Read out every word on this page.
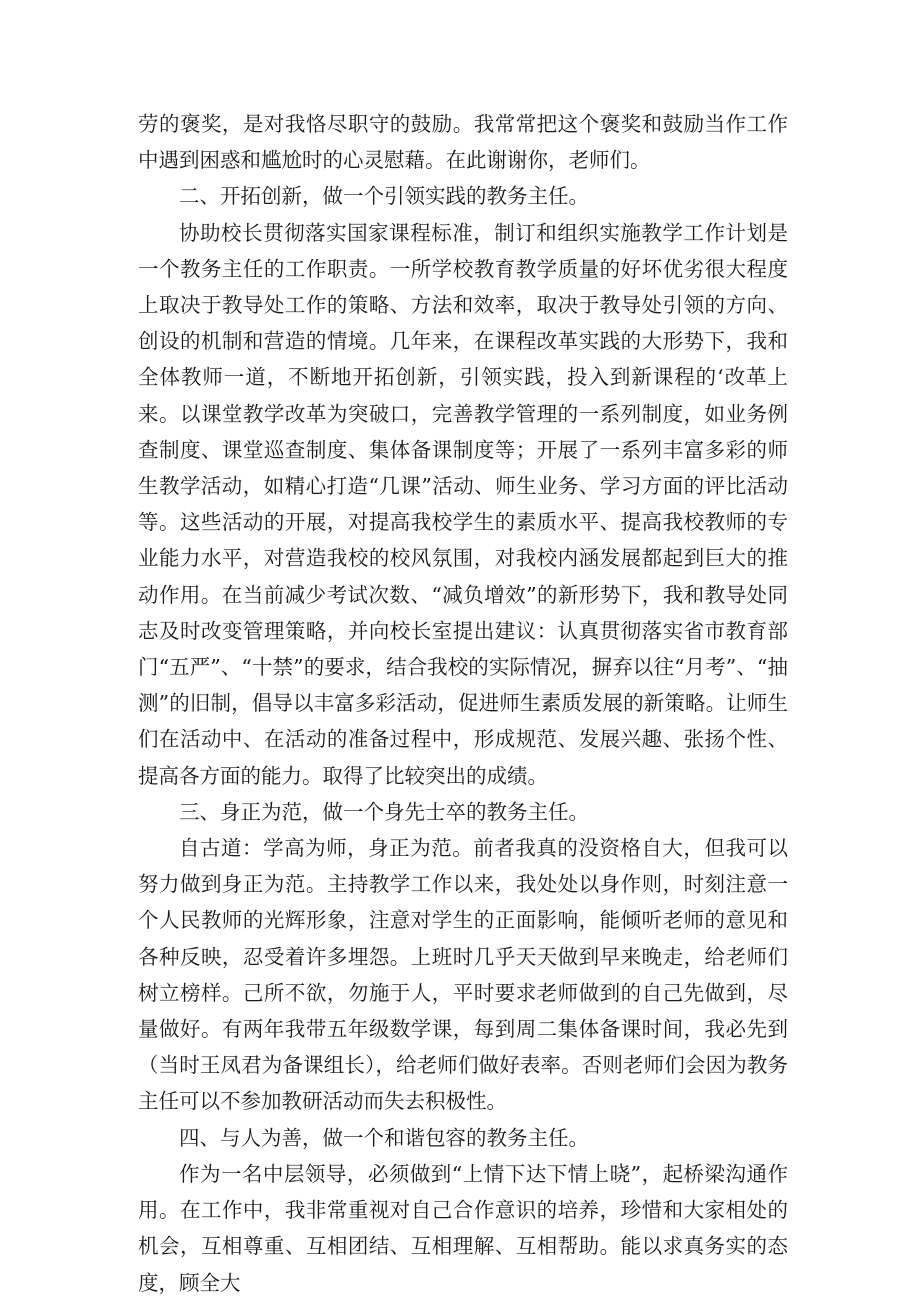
劳的褒奖，是对我恪尽职守的鼓励。我常常把这个褒奖和鼓励当作工作中遇到困惑和尴尬时的心灵慰藉。在此谢谢你，老师们。

二、开拓创新，做一个引领实践的教务主任。

协助校长贯彻落实国家课程标准，制订和组织实施教学工作计划是一个教务主任的工作职责。一所学校教育教学质量的好坏优劣很大程度上取决于教导处工作的策略、方法和效率，取决于教导处引领的方向、创设的机制和营造的情境。几年来，在课程改革实践的大形势下，我和全体教师一道，不断地开拓创新，引领实践，投入到新课程的‘改革上来。以课堂教学改革为突破口，完善教学管理的一系列制度，如业务例查制度、课堂巡查制度、集体备课制度等；开展了一系列丰富多彩的师生教学活动，如精心打造“几课”活动、师生业务、学习方面的评比活动等。这些活动的开展，对提高我校学生的素质水平、提高我校教师的专业能力水平，对营造我校的校风氛围，对我校内涵发展都起到巨大的推动作用。在当前减少考试次数、“减负增效”的新形势下，我和教导处同志及时改变管理策略，并向校长室提出建议：认真贯彻落实省市教育部门“五严”、“十禁”的要求，结合我校的实际情况，摒弃以往“月考”、“抽测”的旧制，倡导以丰富多彩活动，促进师生素质发展的新策略。让师生们在活动中、在活动的准备过程中，形成规范、发展兴趣、张扬个性、提高各方面的能力。取得了比较突出的成绩。

三、身正为范，做一个身先士卒的教务主任。

自古道：学高为师，身正为范。前者我真的没资格自大，但我可以努力做到身正为范。主持教学工作以来，我处处以身作则，时刻注意一个人民教师的光辉形象，注意对学生的正面影响，能倾听老师的意见和各种反映，忍受着许多埋怨。上班时几乎天天做到早来晚走，给老师们树立榜样。己所不欲，勿施于人，平时要求老师做到的自己先做到，尽量做好。有两年我带五年级数学课，每到周二集体备课时间，我必先到（当时王凤君为备课组长），给老师们做好表率。否则老师们会因为教务主任可以不参加教研活动而失去积极性。

四、与人为善，做一个和谐包容的教务主任。

作为一名中层领导，必须做到“上情下达下情上晓”，起桥梁沟通作用。在工作中，我非常重视对自己合作意识的培养，珍惜和大家相处的机会，互相尊重、互相团结、互相理解、互相帮助。能以求真务实的态度，顾全大
